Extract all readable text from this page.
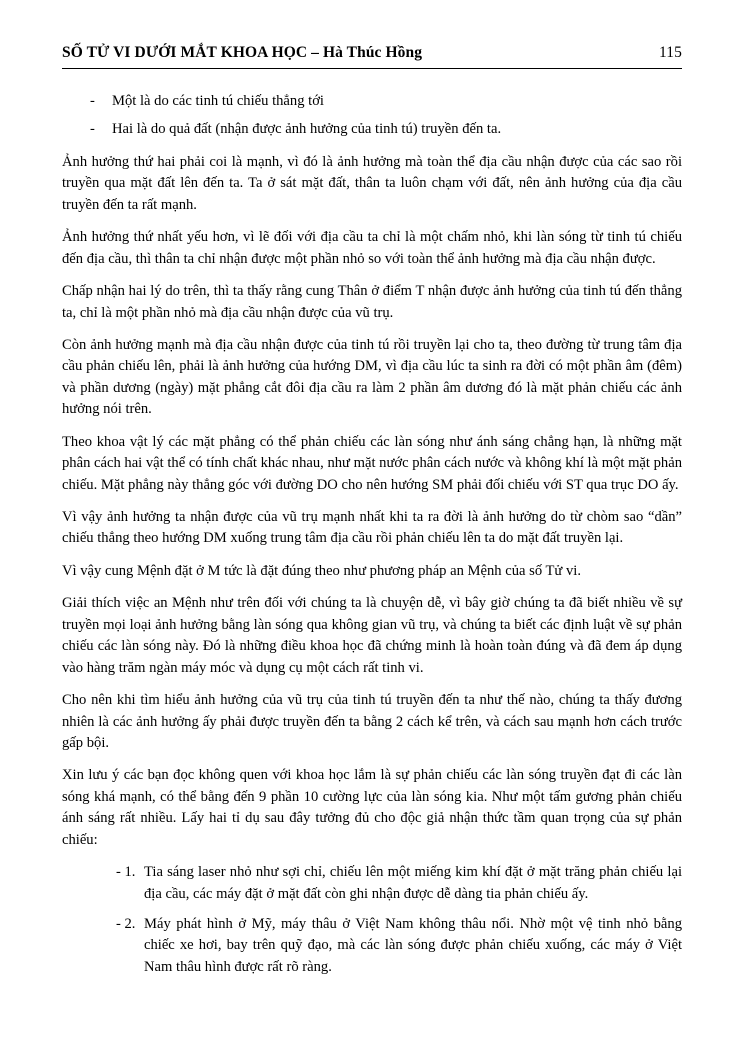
SỐ TỬ VI DƯỚI MẮT KHOA HỌC – Hà Thúc Hồng	115
-	Một là do các tinh tú chiếu thẳng tới
-	Hai là do quả đất (nhận được ảnh hưởng của tinh tú) truyền đến ta.

Ảnh hưởng thứ hai phải coi là mạnh, vì đó là ảnh hưởng mà toàn thể địa cầu nhận được của các sao rồi truyền qua mặt đất lên đến ta. Ta ở sát mặt đất, thân ta luôn chạm với đất, nên ảnh hưởng của địa cầu truyền đến ta rất mạnh.

Ảnh hưởng thứ nhất yếu hơn, vì lẽ đối với địa cầu ta chỉ là một chấm nhỏ, khi làn sóng từ tinh tú chiếu đến địa cầu, thì thân ta chỉ nhận được một phần nhỏ so với toàn thể ảnh hưởng mà địa cầu nhận được.

Chấp nhận hai lý do trên, thì ta thấy rằng cung Thân ở điểm T nhận được ảnh hưởng của tinh tú đến thẳng ta, chỉ là một phần nhỏ mà địa cầu nhận được của vũ trụ.

Còn ảnh hưởng mạnh mà địa cầu nhận được của tinh tú rồi truyền lại cho ta, theo đường từ trung tâm địa cầu phản chiếu lên, phải là ảnh hưởng của hướng DM, vì địa cầu lúc ta sinh ra đời có một phần âm (đêm) và phần dương (ngày) mặt phẳng cắt đôi địa cầu ra làm 2 phần âm dương đó là mặt phản chiếu các ảnh hưởng nói trên.

Theo khoa vật lý các mặt phẳng có thể phản chiếu các làn sóng như ánh sáng chẳng hạn, là những mặt phân cách hai vật thể có tính chất khác nhau, như mặt nước phân cách nước và không khí là một mặt phản chiếu. Mặt phẳng này thẳng góc với đường DO cho nên hướng SM phải đối chiếu với ST qua trục DO ấy.

Vì vậy ảnh hưởng ta nhận được của vũ trụ mạnh nhất khi ta ra đời là ảnh hưởng do từ chòm sao “dần” chiếu thẳng theo hướng DM xuống trung tâm địa cầu rồi phản chiếu lên ta do mặt đất truyền lại.

Vì vậy cung Mệnh đặt ở M tức là đặt đúng theo như phương pháp an Mệnh của số Tử vi.

Giải thích việc an Mệnh như trên đối với chúng ta là chuyện dễ, vì bây giờ chúng ta đã biết nhiều về sự truyền mọi loại ảnh hưởng bằng làn sóng qua không gian vũ trụ, và chúng ta biết các định luật về sự phản chiếu các làn sóng này. Đó là những điều khoa học đã chứng minh là hoàn toàn đúng và đã đem áp dụng vào hàng trăm ngàn máy móc và dụng cụ một cách rất tinh vi.

Cho nên khi tìm hiểu ảnh hưởng của vũ trụ của tinh tú truyền đến ta như thế nào, chúng ta thấy đương nhiên là các ảnh hưởng ấy phải được truyền đến ta bằng 2 cách kể trên, và cách sau mạnh hơn cách trước gấp bội.

Xin lưu ý các bạn đọc không quen với khoa học lắm là sự phản chiếu các làn sóng truyền đạt đi các làn sóng khá mạnh, có thể bằng đến 9 phần 10 cường lực của làn sóng kia. Như một tấm gương phản chiếu ánh sáng rất nhiều. Lấy hai tỉ dụ sau đây tưởng đủ cho độc giả nhận thức tầm quan trọng của sự phản chiếu:

- 1. Tia sáng laser nhỏ như sợi chỉ, chiếu lên một miếng kim khí đặt ở mặt trăng phản chiếu lại địa cầu, các máy đặt ở mặt đất còn ghi nhận được dễ dàng tia phản chiếu ấy.
- 2. Máy phát hình ở Mỹ, máy thâu ở Việt Nam không thâu nổi. Nhờ một vệ tinh nhỏ bằng chiếc xe hơi, bay trên quỹ đạo, mà các làn sóng được phản chiếu xuống, các máy ở Việt Nam thâu hình được rất rõ ràng.
